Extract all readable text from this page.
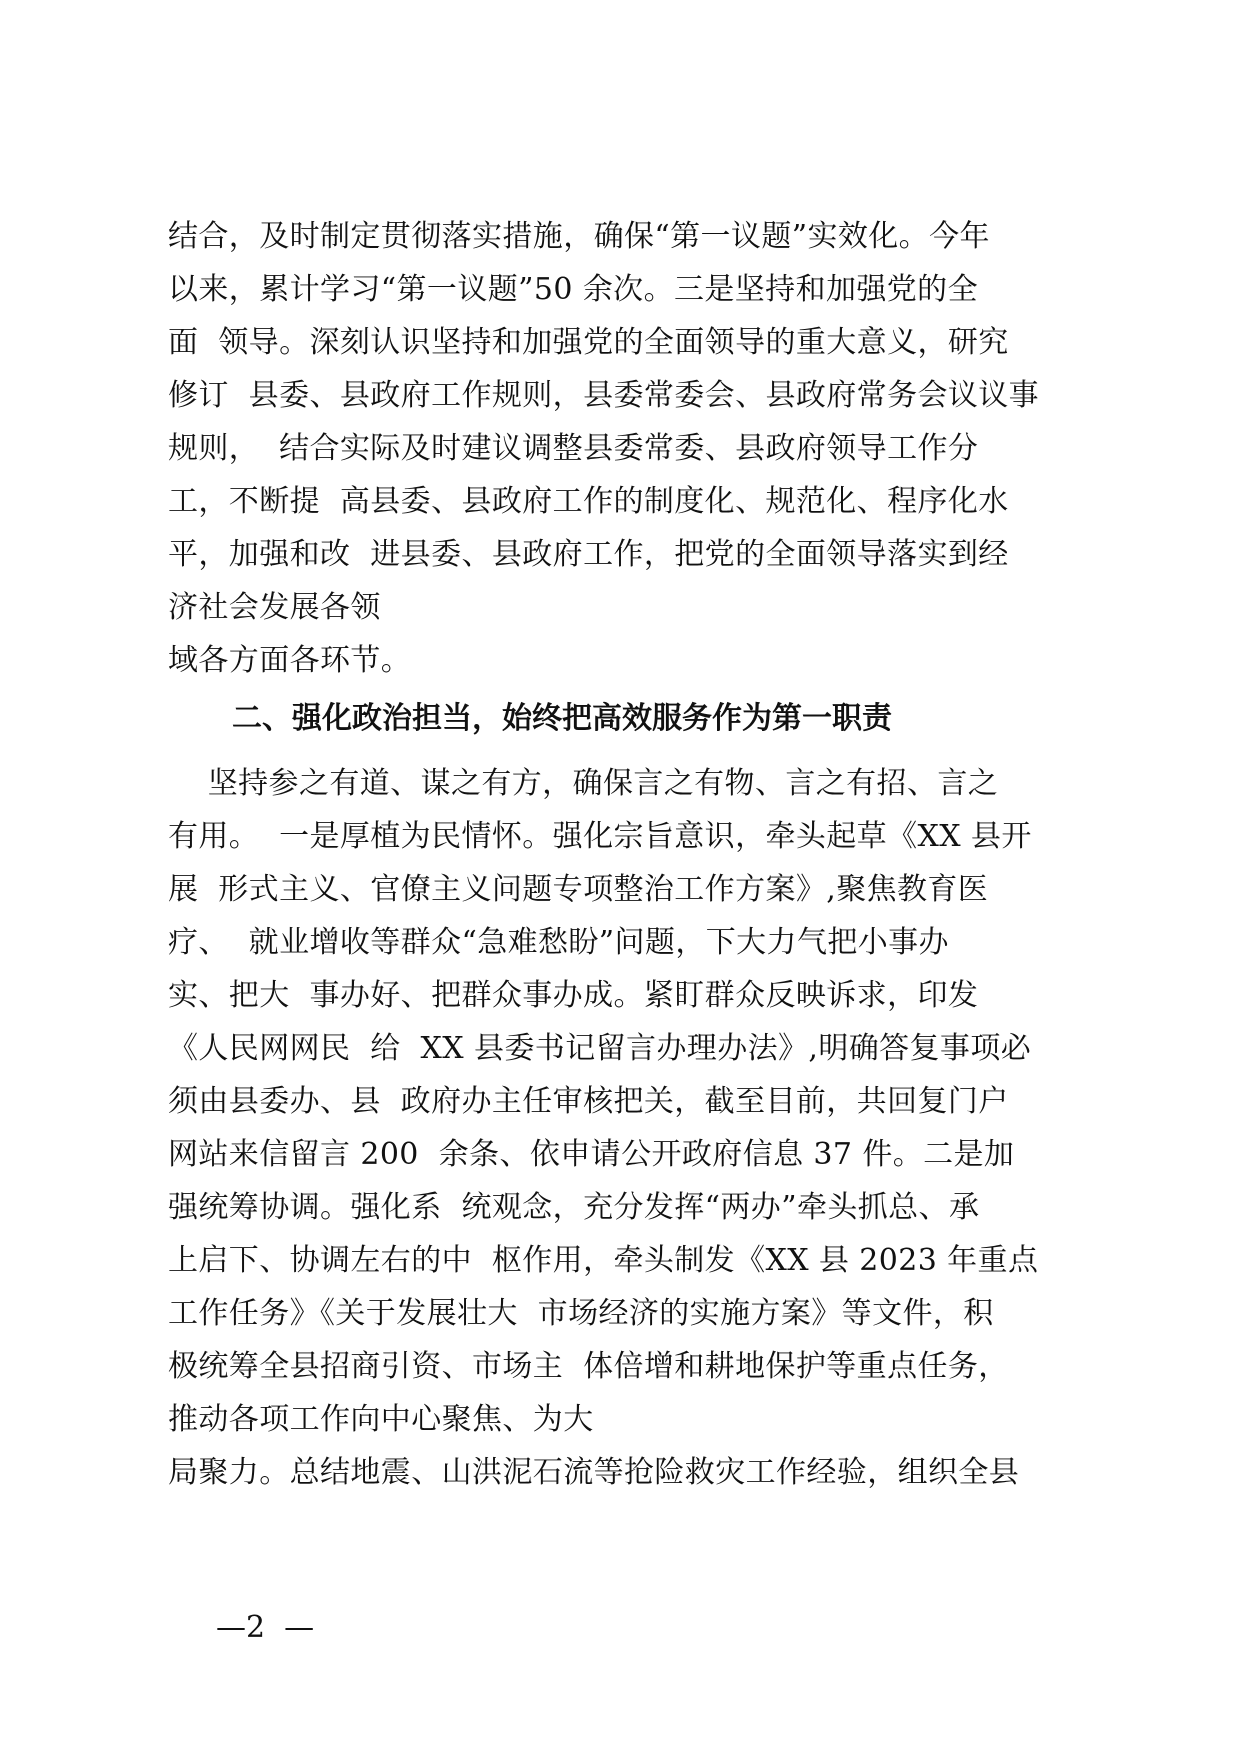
结合，及时制定贯彻落实措施，确保“第一议题”实效化。今年
以来，累计学习“第一议题”50 余次。三是坚持和加强党的全
面  领导。深刻认识坚持和加强党的全面领导的重大意义，研究
修订  县委、县政府工作规则，县委常委会、县政府常务会议议事
规则，  结合实际及时建议调整县委常委、县政府领导工作分
工，不断提  高县委、县政府工作的制度化、规范化、程序化水
平，加强和改  进县委、县政府工作，把党的全面领导落实到经
济社会发展各领
域各方面各环节。
二、强化政治担当，始终把高效服务作为第一职责
坚持参之有道、谋之有方，确保言之有物、言之有招、言之
有用。  一是厚植为民情怀。强化宗旨意识，牵头起草《XX 县开
展  形式主义、官僚主义问题专项整治工作方案》,聚焦教育医
疗、  就业增收等群众“急难愁盼”问题，下大力气把小事办
实、把大  事办好、把群众事办成。紧盯群众反映诉求，印发
《人民网网民  给  XX 县委书记留言办理办法》,明确答复事项必
须由县委办、县  政府办主任审核把关，截至目前，共回复门户
网站来信留言 200  余条、依申请公开政府信息 37 件。二是加
强统筹协调。强化系  统观念，充分发挥“两办”牵头抓总、承
上启下、协调左右的中  枢作用，牵头制发《XX 县 2023 年重点
工作任务》《关于发展壮大  市场经济的实施方案》等文件，积
极统筹全县招商引资、市场主  体倍增和耕地保护等重点任务，
推动各项工作向中心聚焦、为大
局聚力。总结地震、山洪泥石流等抢险救灾工作经验，组织全县
—2  —
